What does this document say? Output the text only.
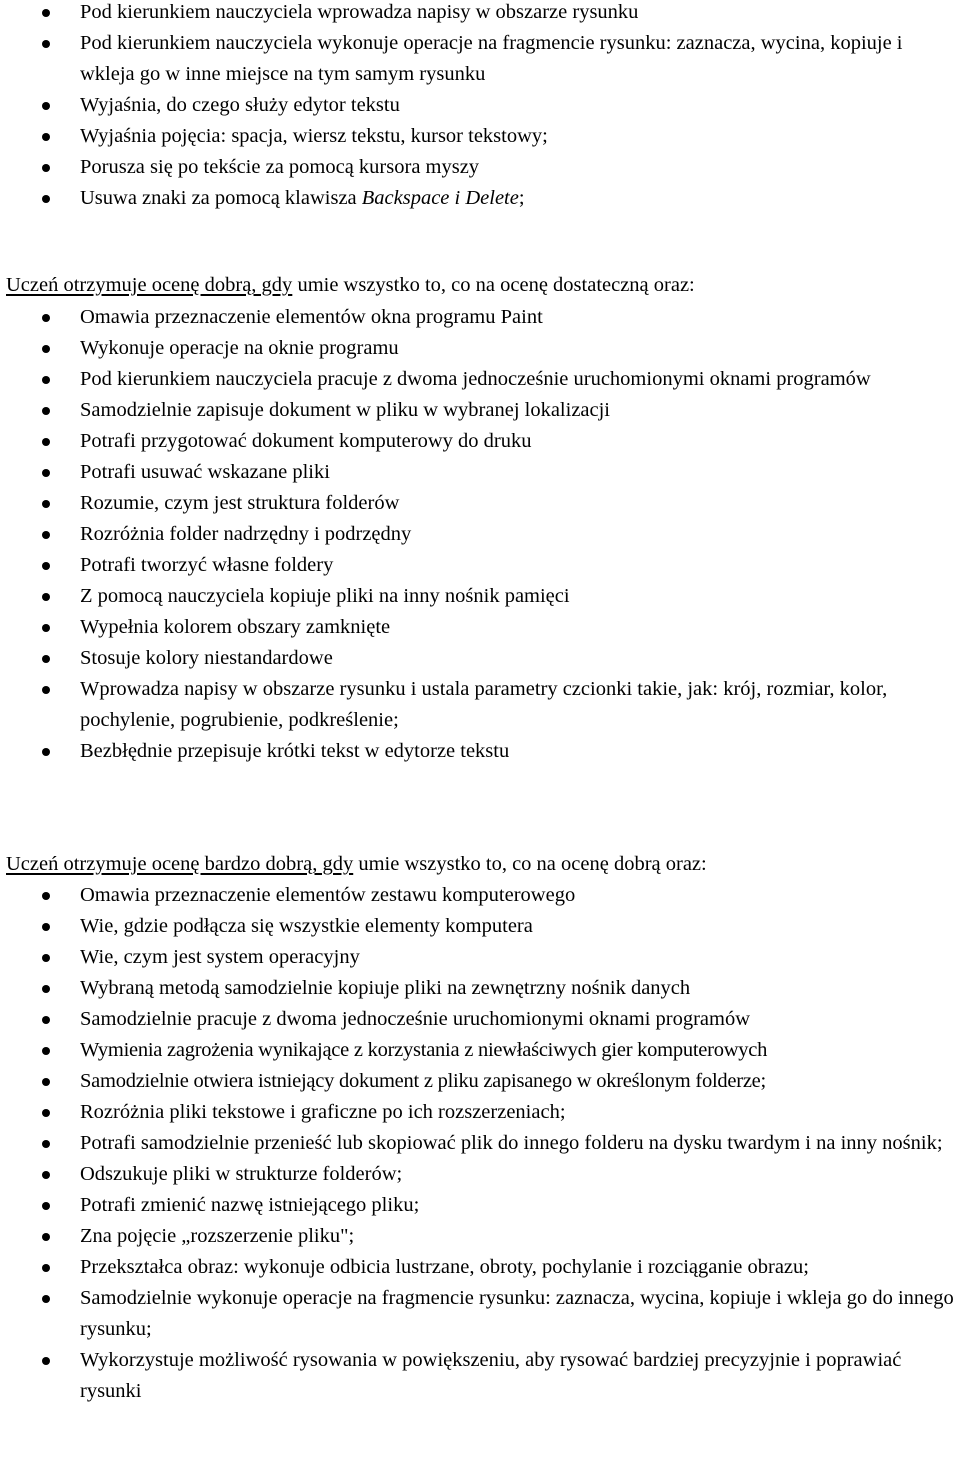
Pod kierunkiem nauczyciela wprowadza napisy w obszarze rysunku
Pod kierunkiem nauczyciela wykonuje operacje na fragmencie rysunku: zaznacza, wycina, kopiuje i wkleja go w inne miejsce na tym samym rysunku
Wyjaśnia, do czego służy edytor tekstu
Wyjaśnia pojęcia: spacja, wiersz tekstu, kursor tekstowy;
Porusza się po tekście za pomocą kursora myszy
Usuwa znaki za pomocą klawisza Backspace i Delete;
Uczeń otrzymuje ocenę dobrą, gdy umie wszystko to, co na ocenę dostateczną oraz:
Omawia przeznaczenie elementów okna programu Paint
Wykonuje operacje na oknie programu
Pod kierunkiem nauczyciela pracuje z dwoma jednocześnie uruchomionymi oknami programów
Samodzielnie zapisuje dokument w pliku w wybranej lokalizacji
Potrafi przygotować dokument komputerowy do druku
Potrafi usuwać wskazane pliki
Rozumie, czym jest struktura folderów
Rozróżnia folder nadrzędny i podrzędny
Potrafi tworzyć własne foldery
Z pomocą nauczyciela kopiuje pliki na inny nośnik pamięci
Wypełnia kolorem obszary zamknięte
Stosuje kolory niestandardowe
Wprowadza napisy w obszarze rysunku i ustala parametry czcionki takie, jak: krój, rozmiar, kolor, pochylenie, pogrubienie, podkreślenie;
Bezbłędnie przepisuje krótki tekst w edytorze tekstu
Uczeń otrzymuje ocenę bardzo dobrą, gdy umie wszystko to, co na ocenę dobrą oraz:
Omawia przeznaczenie elementów zestawu komputerowego
Wie, gdzie podłącza się wszystkie elementy komputera
Wie, czym jest system operacyjny
Wybraną metodą samodzielnie kopiuje pliki na zewnętrzny nośnik danych
Samodzielnie pracuje z dwoma jednocześnie uruchomionymi oknami programów
Wymienia zagrożenia wynikające z korzystania z niewłaściwych gier komputerowych
Samodzielnie otwiera istniejący dokument z pliku zapisanego w określonym folderze;
Rozróżnia pliki tekstowe i graficzne po ich rozszerzeniach;
Potrafi samodzielnie przenieść lub skopiować plik do innego folderu na dysku twardym i na inny nośnik;
Odszukuje pliki w strukturze folderów;
Potrafi zmienić nazwę istniejącego pliku;
Zna pojęcie „rozszerzenie pliku";
Przekształca obraz: wykonuje odbicia lustrzane, obroty, pochylanie i rozciąganie obrazu;
Samodzielnie wykonuje operacje na fragmencie rysunku: zaznacza, wycina, kopiuje i wkleja go do innego rysunku;
Wykorzystuje możliwość rysowania w powiększeniu, aby rysować bardziej precyzyjnie i poprawiać rysunki
